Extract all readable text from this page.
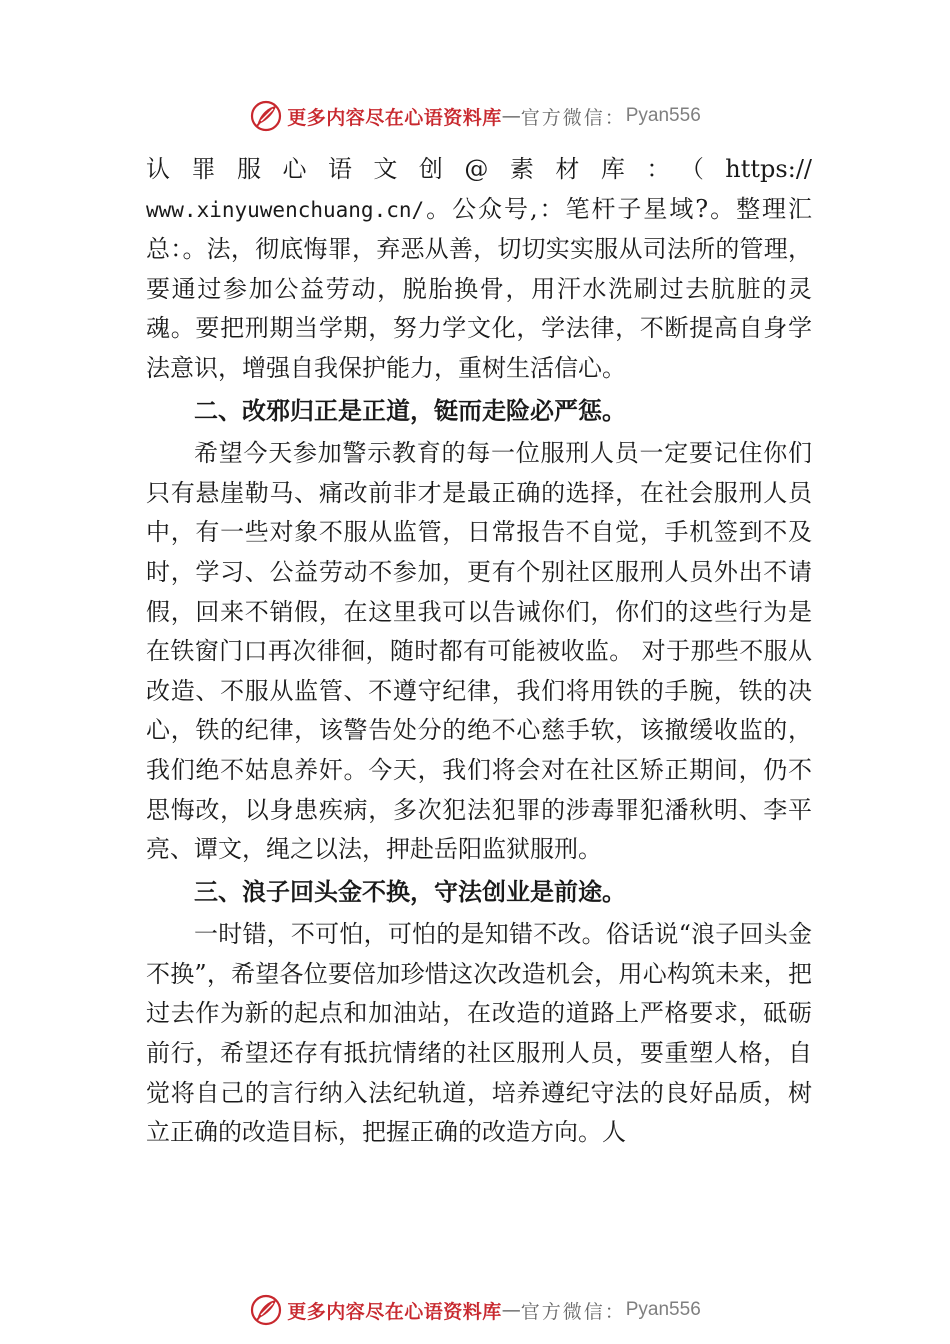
更多内容尽在心语资料库 — 官方微信： Pyan556

认罪服心语文创@素材库：（https://

www.xinyuwenchuang.cn/。公众号,：笔杆子星域?。整理汇总：。法，彻底悔罪，弃恶从善，切切实实服从司法所的管理，要通过参加公益劳动，脱胎换骨，用汗水洗刷过去肮脏的灵魂。要把刑期当学期，努力学文化，学法律，不断提高自身学法意识，增强自我保护能力，重树生活信心。

二、改邪归正是正道，铤而走险必严惩。

希望今天参加警示教育的每一位服刑人员一定要记住你们只有悬崖勒马、痛改前非才是最正确的选择，在社会服刑人员中，有一些对象不服从监管，日常报告不自觉，手机签到不及时，学习、公益劳动不参加，更有个别社区服刑人员外出不请假，回来不销假，在这里我可以告诫你们，你们的这些行为是在铁窗门口再次徘徊，随时都有可能被收监。 对于那些不服从改造、不服从监管、不遵守纪律，我们将用铁的手腕，铁的决心，铁的纪律，该警告处分的绝不心慈手软，该撤缓收监的，我们绝不姑息养奸。今天，我们将会对在社区矫正期间，仍不思悔改，以身患疾病，多次犯法犯罪的涉毒罪犯潘秋明、李平亮、谭文，绳之以法，押赴岳阳监狱服刑。

三、浪子回头金不换，守法创业是前途。

一时错，不可怕，可怕的是知错不改。俗话说“浪子回头金不换”，希望各位要倍加珍惜这次改造机会，用心构筑未来，把过去作为新的起点和加油站，在改造的道路上严格要求，砥砺前行，希望还存有抵抗情绪的社区服刑人员，要重塑人格，自觉将自己的言行纳入法纪轨道，培养遵纪守法的良好品质，树立正确的改造目标，把握正确的改造方向。人

更多内容尽在心语资料库 — 官方微信： Pyan556
